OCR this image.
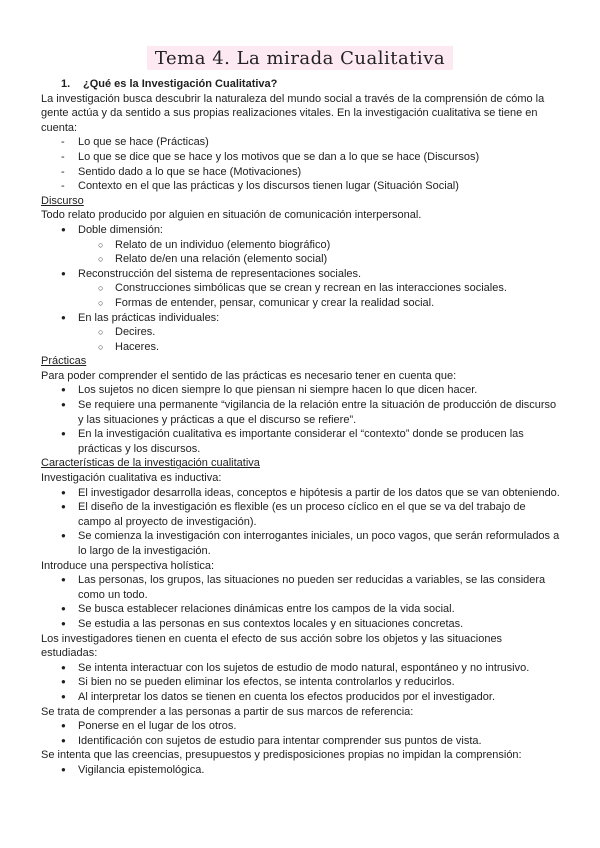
Tema 4. La mirada Cualitativa

1. ¿Qué es la Investigación Cualitativa?

La investigación busca descubrir la naturaleza del mundo social a través de la comprensión de cómo la gente actúa y da sentido a sus propias realizaciones vitales. En la investigación cualitativa se tiene en cuenta:

- Lo que se hace (Prácticas)

- Lo que se dice que se hace y los motivos que se dan a lo que se hace (Discursos)

- Sentido dado a lo que se hace (Motivaciones)

- Contexto en el que las prácticas y los discursos tienen lugar (Situación Social)

Discurso

Todo relato producido por alguien en situación de comunicación interpersonal.

● Doble dimensión:

○ Relato de un individuo (elemento biográfico)

○ Relato de/en una relación (elemento social)

● Reconstrucción del sistema de representaciones sociales.

○ Construcciones simbólicas que se crean y recrean en las interacciones sociales.

○ Formas de entender, pensar, comunicar y crear la realidad social.

● En las prácticas individuales:

○ Decires.

○ Haceres.

Prácticas

Para poder comprender el sentido de las prácticas es necesario tener en cuenta que:

● Los sujetos no dicen siempre lo que piensan ni siempre hacen lo que dicen hacer.

● Se requiere una permanente “vigilancia de la relación entre la situación de producción de discurso y las situaciones y prácticas a que el discurso se refiere”.

● En la investigación cualitativa es importante considerar el “contexto” donde se producen las prácticas y los discursos.

Características de la investigación cualitativa

Investigación cualitativa es inductiva:

● El investigador desarrolla ideas, conceptos e hipótesis a partir de los datos que se van obteniendo.

● El diseño de la investigación es flexible (es un proceso cíclico en el que se va del trabajo de campo al proyecto de investigación).

● Se comienza la investigación con interrogantes iniciales, un poco vagos, que serán reformulados a lo largo de la investigación.

Introduce una perspectiva holística:

● Las personas, los grupos, las situaciones no pueden ser reducidas a variables, se las considera como un todo.

● Se busca establecer relaciones dinámicas entre los campos de la vida social.

● Se estudia a las personas en sus contextos locales y en situaciones concretas.

Los investigadores tienen en cuenta el efecto de sus acción sobre los objetos y las situaciones estudiadas:

● Se intenta interactuar con los sujetos de estudio de modo natural, espontáneo y no intrusivo.

● Si bien no se pueden eliminar los efectos, se intenta controlarlos y reducirlos.

● Al interpretar los datos se tienen en cuenta los efectos producidos por el investigador.

Se trata de comprender a las personas a partir de sus marcos de referencia:

● Ponerse en el lugar de los otros.

● Identificación con sujetos de estudio para intentar comprender sus puntos de vista.

Se intenta que las creencias, presupuestos y predisposiciones propias no impidan la comprensión:

● Vigilancia epistemológica.
